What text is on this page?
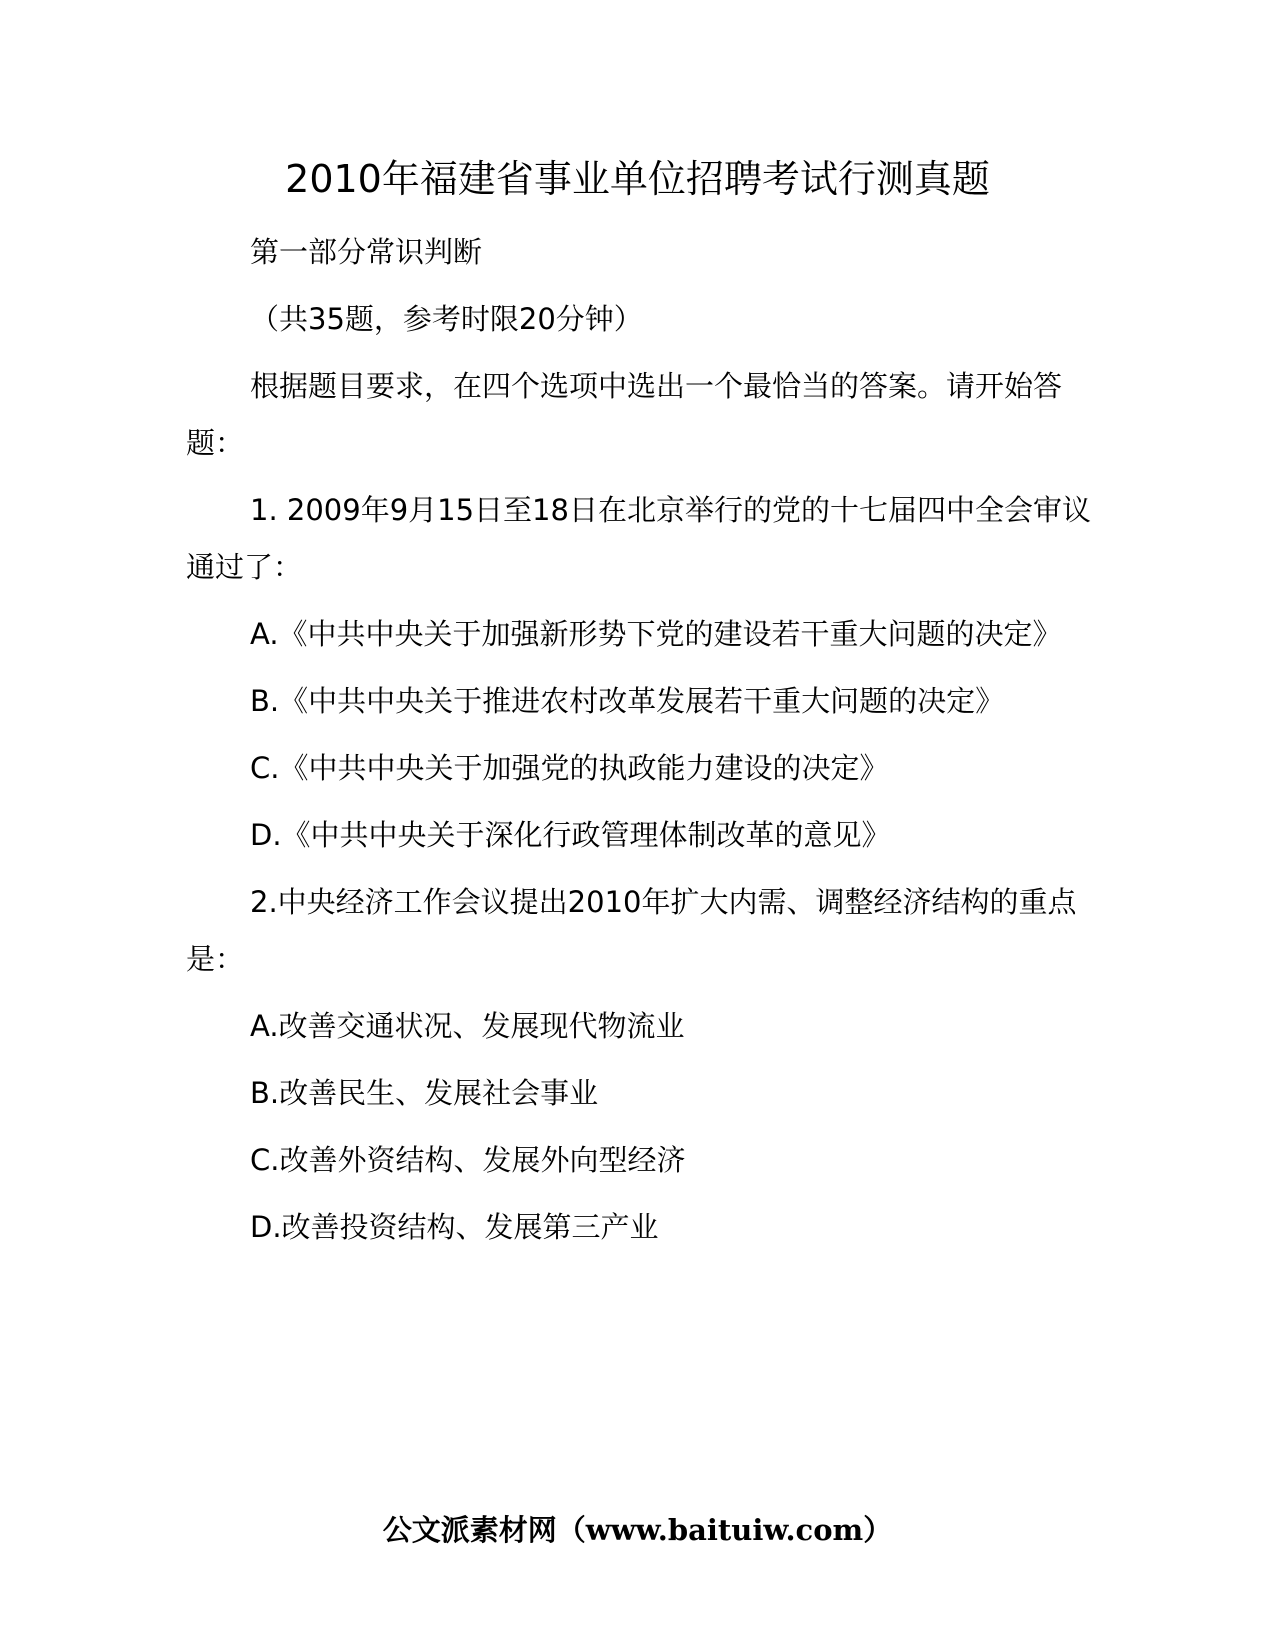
2010年福建省事业单位招聘考试行测真题

第一部分常识判断

（共35题，参考时限20分钟）

根据题目要求，在四个选项中选出一个最恰当的答案。请开始答题：

1. 2009年9月15日至18日在北京举行的党的十七届四中全会审议通过了：

A.《中共中央关于加强新形势下党的建设若干重大问题的决定》

B.《中共中央关于推进农村改革发展若干重大问题的决定》

C.《中共中央关于加强党的执政能力建设的决定》

D.《中共中央关于深化行政管理体制改革的意见》

2.中央经济工作会议提出2010年扩大内需、调整经济结构的重点是：

A.改善交通状况、发展现代物流业

B.改善民生、发展社会事业

C.改善外资结构、发展外向型经济

D.改善投资结构、发展第三产业

公文派素材网（www.baituiw.com）
